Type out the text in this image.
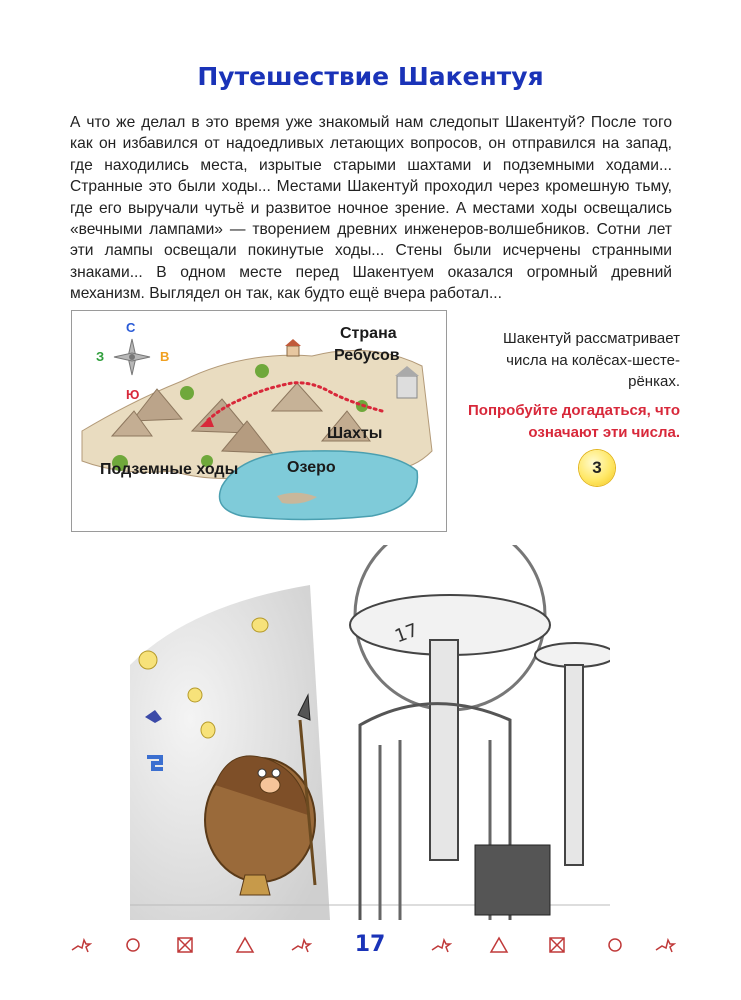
Путешествие Шакентуя
А что же делал в это время уже знакомый нам следопыт Шакентуй? После того как он избавился от надоедливых летающих вопросов, он отправился на запад, где находились места, изрытые старыми шахтами и подземными ходами... Странные это были ходы... Местами Шакентуй проходил через кромешную тьму, где его выручали чутьё и развитое ночное зрение. А местами ходы освещались «вечными лампами» — творением древних инженеров-волшебников. Сотни лет эти лампы освещали покинутые ходы... Стены были исчерчены странными знаками... В одном месте перед Шакентуем оказался огромный древний механизм. Выглядел он так, как будто ещё вчера работал...
С
Ю
З	В
Страна
Ребусов
Шахты
Подземные ходы	Озеро
Шакентуй рассматривает числа на колёсах-шесте-рёнках.
Попробуйте догадаться, что означают эти числа.
3
17
17
